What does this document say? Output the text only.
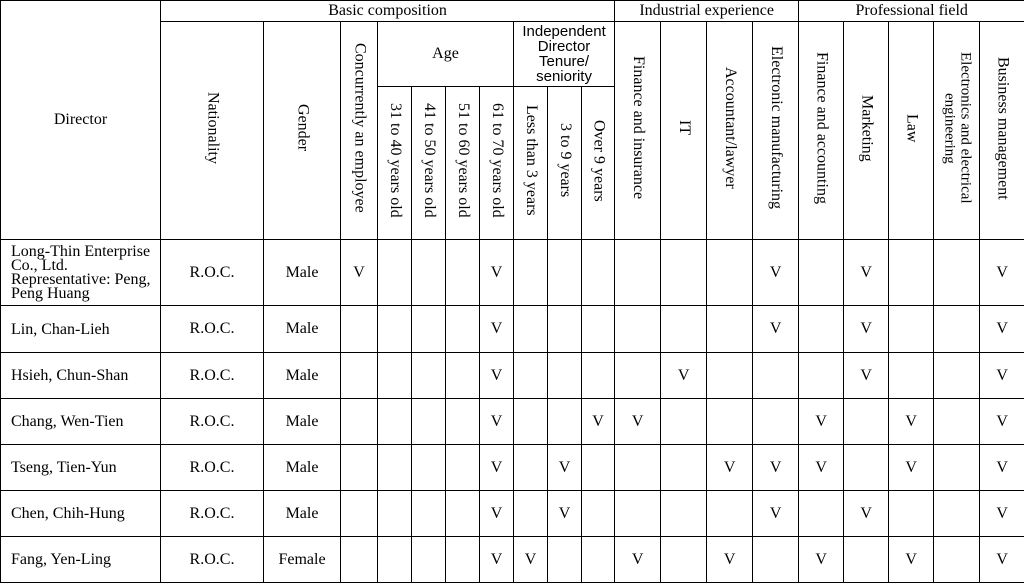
Director	Basic composition										Industrial experience				Professional field				
	Nationality	Gender	Concurrently an employee	Age				Independent Director Tenure/ seniority			Finance and insurance	IT	Accountant/lawyer	Electronic manufacturing	Finance and accounting	Marketing	Law	Electronics and electrical engineering	Business management
				31 to 40 years old	41 to 50 years old	51 to 60 years old	61 to 70 years old	Less than 3 years	3 to 9 years	Over 9 years									
Long-Thin Enterprise Co., Ltd. Representative: Peng, Peng Huang	R.O.C.	Male	V				V							V		V			V
Lin, Chan-Lieh	R.O.C.	Male					V							V		V			V
Hsieh, Chun-Shan	R.O.C.	Male					V					V				V			V
Chang, Wen-Tien	R.O.C.	Male					V			V	V				V		V		V
Tseng, Tien-Yun	R.O.C.	Male					V		V				V	V	V		V		V
Chen, Chih-Hung	R.O.C.	Male					V		V					V		V			V
Fang, Yen-Ling	R.O.C.	Female					V	V			V		V		V		V		V
